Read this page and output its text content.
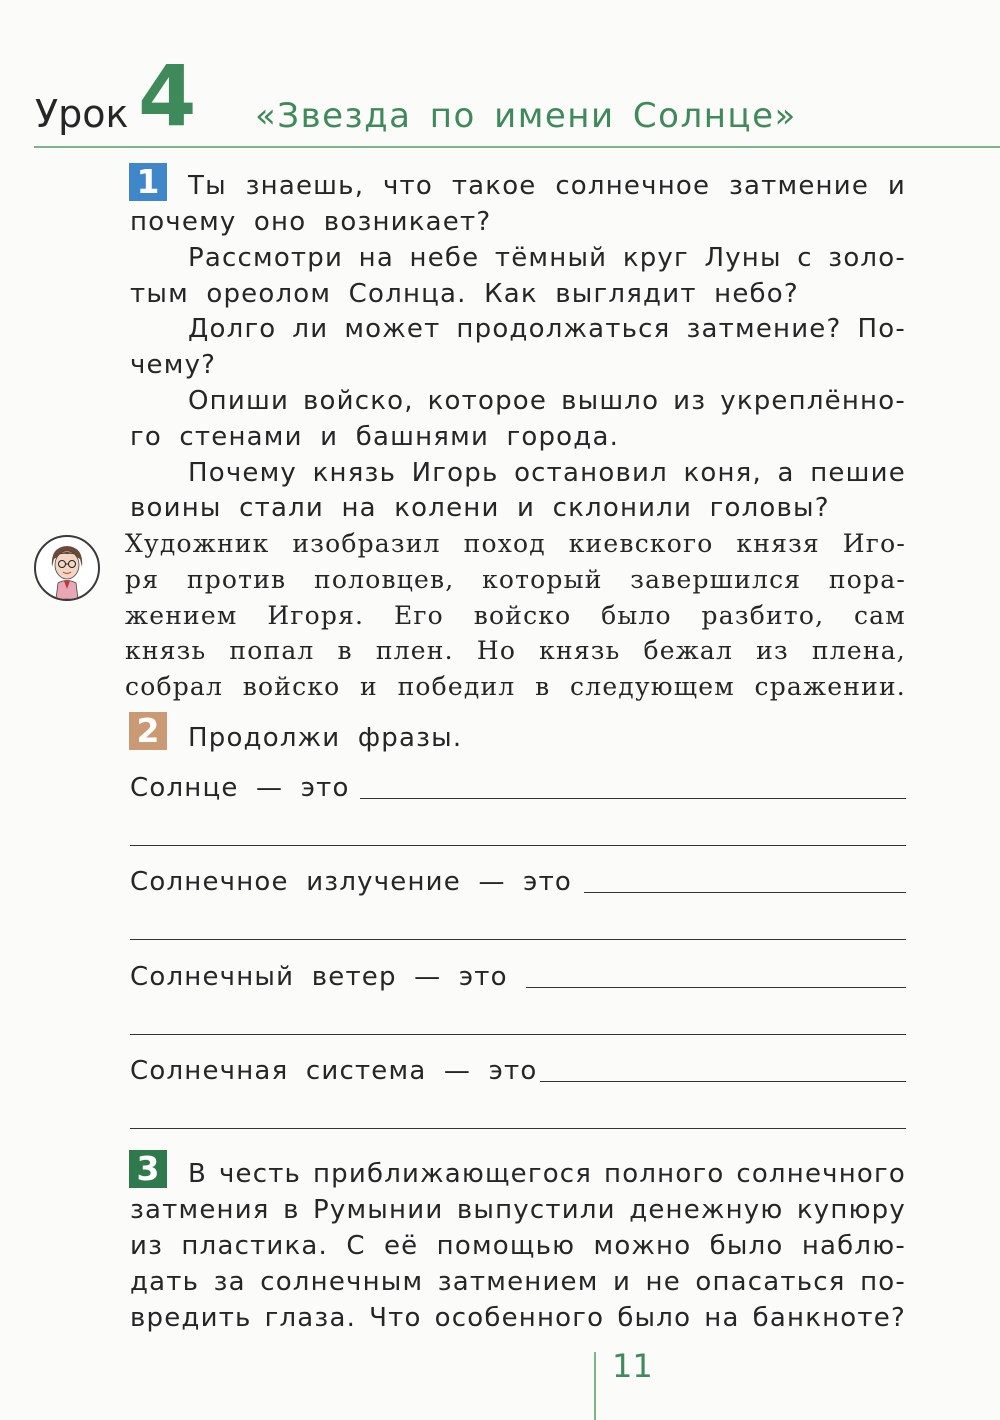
Урок 4 «Звезда по имени Солнце»
1 Ты знаешь, что такое солнечное затмение и
почему оно возникает?
Рассмотри на небе тёмный круг Луны с золо-
тым ореолом Солнца. Как выглядит небо?
Долго ли может продолжаться затмение? По-
чему?
Опиши войско, которое вышло из укреплённо-
го стенами и башнями города.
Почему князь Игорь остановил коня, а пешие
воины стали на колени и склонили головы?
Художник изобразил поход киевского князя Иго-
ря против половцев, который завершился пора-
жением Игоря. Его войско было разбито, сам
князь попал в плен. Но князь бежал из плена,
собрал войско и победил в следующем сражении.
2 Продолжи фразы.
Солнце — это
Солнечное излучение — это
Солнечный ветер — это
Солнечная система — это
3 В честь приближающегося полного солнечного
затмения в Румынии выпустили денежную купюру
из пластика. С её помощью можно было наблю-
дать за солнечным затмением и не опасаться по-
вредить глаза. Что особенного было на банкноте?
11
